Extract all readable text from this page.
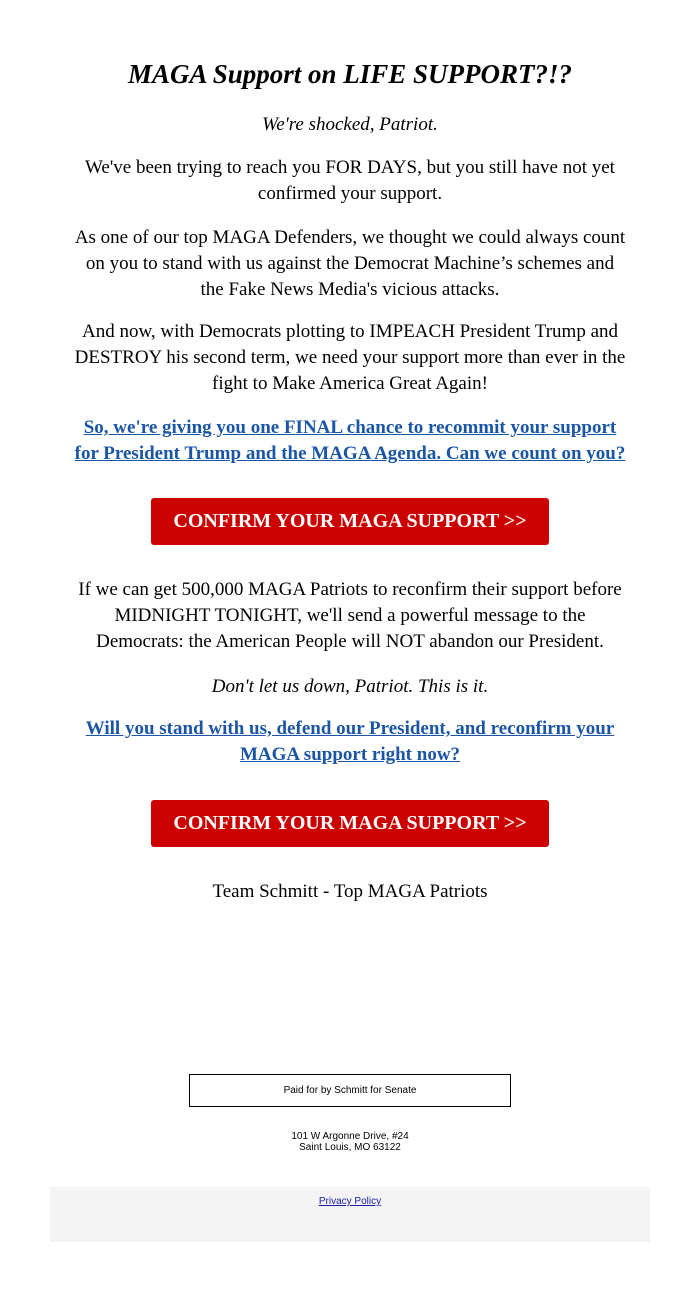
MAGA Support on LIFE SUPPORT?!?

We're shocked, Patriot.

We've been trying to reach you FOR DAYS, but you still have not yet confirmed your support.

As one of our top MAGA Defenders, we thought we could always count on you to stand with us against the Democrat Machine’s schemes and the Fake News Media's vicious attacks.

And now, with Democrats plotting to IMPEACH President Trump and DESTROY his second term, we need your support more than ever in the fight to Make America Great Again!

So, we're giving you one FINAL chance to recommit your support for President Trump and the MAGA Agenda. Can we count on you?

If we can get 500,000 MAGA Patriots to reconfirm their support before MIDNIGHT TONIGHT, we'll send a powerful message to the Democrats: the American People will NOT abandon our President.

Don't let us down, Patriot. This is it.

Will you stand with us, defend our President, and reconfirm your MAGA support right now?

CONFIRM YOUR MAGA SUPPORT >>
CONFIRM YOUR MAGA SUPPORT >>

Team Schmitt - Top MAGA Patriots

Paid for by Schmitt for Senate
101 W Argonne Drive, #24
Saint Louis, MO 63122
Privacy Policy
